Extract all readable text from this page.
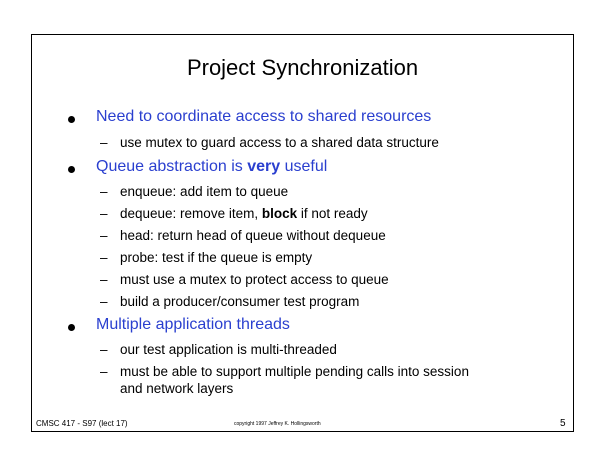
Project Synchronization
Need to coordinate access to shared resources
– use mutex to guard access to a shared data structure
Queue abstraction is very useful
– enqueue: add item to queue
– dequeue: remove item, block if not ready
– head: return head of queue without dequeue
– probe: test if the queue is empty
– must use a mutex to protect access to queue
– build a producer/consumer test program
Multiple application threads
– our test application is multi-threaded
– must be able to support multiple pending calls into session
and network layers
CMSC 417 - S97 (lect 17)	copyright 1997 Jeffrey K. Hollingsworth	5
